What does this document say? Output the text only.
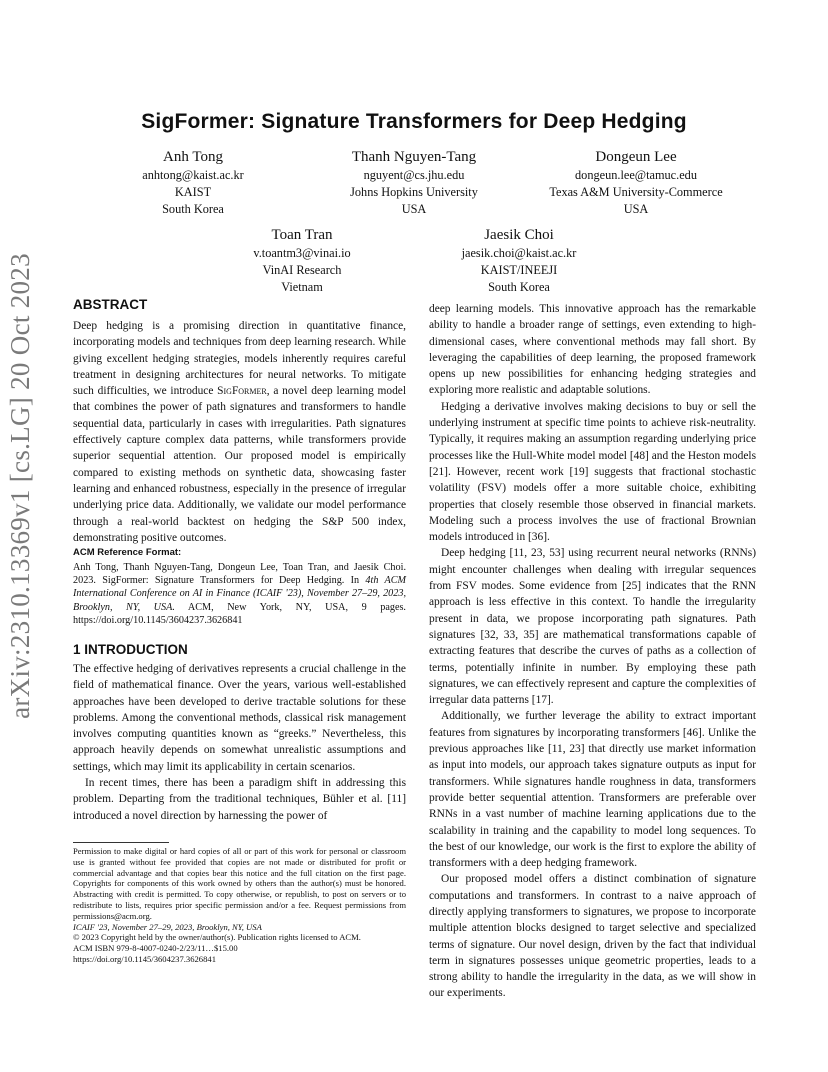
arXiv:2310.13369v1 [cs.LG] 20 Oct 2023
SigFormer: Signature Transformers for Deep Hedging
Anh Tong
anhtong@kaist.ac.kr
KAIST
South Korea
Thanh Nguyen-Tang
nguyent@cs.jhu.edu
Johns Hopkins University
USA
Dongeun Lee
dongeun.lee@tamuc.edu
Texas A&M University-Commerce
USA
Toan Tran
v.toantm3@vinai.io
VinAI Research
Vietnam
Jaesik Choi
jaesik.choi@kaist.ac.kr
KAIST/INEEJI
South Korea
ABSTRACT

Deep hedging is a promising direction in quantitative finance, incorporating models and techniques from deep learning research. While giving excellent hedging strategies, models inherently requires careful treatment in designing architectures for neural networks. To mitigate such difficulties, we introduce SigFormer, a novel deep learning model that combines the power of path signatures and transformers to handle sequential data, particularly in cases with irregularities. Path signatures effectively capture complex data patterns, while transformers provide superior sequential attention. Our proposed model is empirically compared to existing methods on synthetic data, showcasing faster learning and enhanced robustness, especially in the presence of irregular underlying price data. Additionally, we validate our model performance through a real-world backtest on hedging the S&P 500 index, demonstrating positive outcomes.

ACM Reference Format:
Anh Tong, Thanh Nguyen-Tang, Dongeun Lee, Toan Tran, and Jaesik Choi. 2023. SigFormer: Signature Transformers for Deep Hedging. In 4th ACM International Conference on AI in Finance (ICAIF '23), November 27–29, 2023, Brooklyn, NY, USA. ACM, New York, NY, USA, 9 pages. https://doi.org/10.1145/3604237.3626841
1 INTRODUCTION

The effective hedging of derivatives represents a crucial challenge in the field of mathematical finance. Over the years, various well-established approaches have been developed to derive tractable solutions for these problems. Among the conventional methods, classical risk management involves computing quantities known as “greeks.” Nevertheless, this approach heavily depends on somewhat unrealistic assumptions and settings, which may limit its applicability in certain scenarios.

In recent times, there has been a paradigm shift in addressing this problem. Departing from the traditional techniques, Bühler et al. [11] introduced a novel direction by harnessing the power of

Permission to make digital or hard copies of all or part of this work for personal or classroom use is granted without fee provided that copies are not made or distributed for profit or commercial advantage and that copies bear this notice and the full citation on the first page. Copyrights for components of this work owned by others than the author(s) must be honored. Abstracting with credit is permitted. To copy otherwise, or republish, to post on servers or to redistribute to lists, requires prior specific permission and/or a fee. Request permissions from permissions@acm.org.
ICAIF '23, November 27–29, 2023, Brooklyn, NY, USA
© 2023 Copyright held by the owner/author(s). Publication rights licensed to ACM.
ACM ISBN 979-8-4007-0240-2/23/11…$15.00
https://doi.org/10.1145/3604237.3626841

deep learning models. This innovative approach has the remarkable ability to handle a broader range of settings, even extending to high-dimensional cases, where conventional methods may fall short. By leveraging the capabilities of deep learning, the proposed framework opens up new possibilities for enhancing hedging strategies and exploring more realistic and adaptable solutions.

Hedging a derivative involves making decisions to buy or sell the underlying instrument at specific time points to achieve risk-neutrality. Typically, it requires making an assumption regarding underlying price processes like the Hull-White model model [48] and the Heston models [21]. However, recent work [19] suggests that fractional stochastic volatility (FSV) models offer a more suitable choice, exhibiting properties that closely resemble those observed in financial markets. Modeling such a process involves the use of fractional Brownian models introduced in [36].

Deep hedging [11, 23, 53] using recurrent neural networks (RNNs) might encounter challenges when dealing with irregular sequences from FSV modes. Some evidence from [25] indicates that the RNN approach is less effective in this context. To handle the irregularity present in data, we propose incorporating path signatures. Path signatures [32, 33, 35] are mathematical transformations capable of extracting features that describe the curves of paths as a collection of terms, potentially infinite in number. By employing these path signatures, we can effectively represent and capture the complexities of irregular data patterns [17].

Additionally, we further leverage the ability to extract important features from signatures by incorporating transformers [46]. Unlike the previous approaches like [11, 23] that directly use market information as input into models, our approach takes signature outputs as input for transformers. While signatures handle roughness in data, transformers provide better sequential attention. Transformers are preferable over RNNs in a vast number of machine learning applications due to the scalability in training and the capability to model long sequences. To the best of our knowledge, our work is the first to explore the ability of transformers with a deep hedging framework.

Our proposed model offers a distinct combination of signature computations and transformers. In contrast to a naive approach of directly applying transformers to signatures, we propose to incorporate multiple attention blocks designed to target selective and specialized terms of signature. Our novel design, driven by the fact that individual term in signatures possesses unique geometric properties, leads to a strong ability to handle the irregularity in the data, as we will show in our experiments.
